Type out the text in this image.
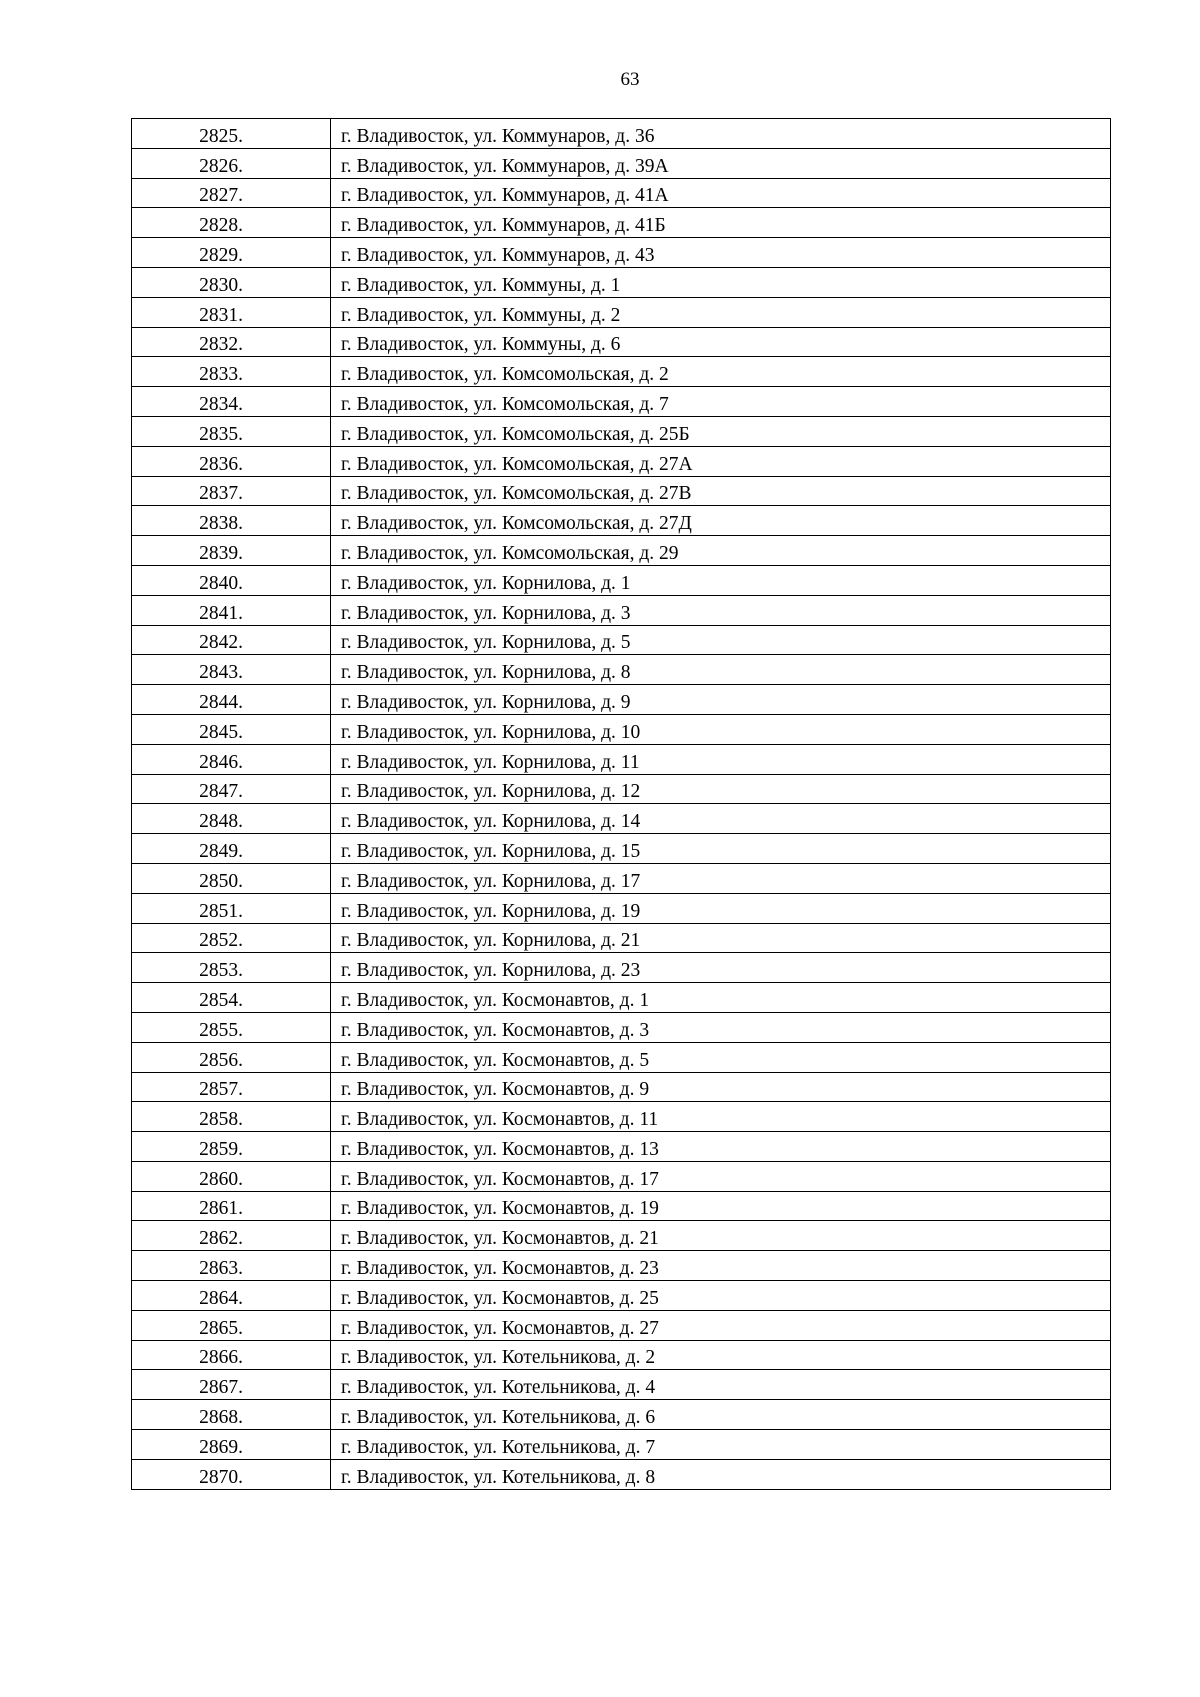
63
2825.	г. Владивосток, ул. Коммунаров, д. 36

2826.	г. Владивосток, ул. Коммунаров, д. 39А

2827.	г. Владивосток, ул. Коммунаров, д. 41А

2828.	г. Владивосток, ул. Коммунаров, д. 41Б

2829.	г. Владивосток, ул. Коммунаров, д. 43

2830.	г. Владивосток, ул. Коммуны, д. 1

2831.	г. Владивосток, ул. Коммуны, д. 2

2832.	г. Владивосток, ул. Коммуны, д. 6

2833.	г. Владивосток, ул. Комсомольская, д. 2

2834.	г. Владивосток, ул. Комсомольская, д. 7

2835.	г. Владивосток, ул. Комсомольская, д. 25Б

2836.	г. Владивосток, ул. Комсомольская, д. 27А

2837.	г. Владивосток, ул. Комсомольская, д. 27В

2838.	г. Владивосток, ул. Комсомольская, д. 27Д

2839.	г. Владивосток, ул. Комсомольская, д. 29

2840.	г. Владивосток, ул. Корнилова, д. 1

2841.	г. Владивосток, ул. Корнилова, д. 3

2842.	г. Владивосток, ул. Корнилова, д. 5

2843.	г. Владивосток, ул. Корнилова, д. 8

2844.	г. Владивосток, ул. Корнилова, д. 9

2845.	г. Владивосток, ул. Корнилова, д. 10

2846.	г. Владивосток, ул. Корнилова, д. 11

2847.	г. Владивосток, ул. Корнилова, д. 12

2848.	г. Владивосток, ул. Корнилова, д. 14

2849.	г. Владивосток, ул. Корнилова, д. 15

2850.	г. Владивосток, ул. Корнилова, д. 17

2851.	г. Владивосток, ул. Корнилова, д. 19

2852.	г. Владивосток, ул. Корнилова, д. 21

2853.	г. Владивосток, ул. Корнилова, д. 23

2854.	г. Владивосток, ул. Космонавтов, д. 1

2855.	г. Владивосток, ул. Космонавтов, д. 3

2856.	г. Владивосток, ул. Космонавтов, д. 5

2857.	г. Владивосток, ул. Космонавтов, д. 9

2858.	г. Владивосток, ул. Космонавтов, д. 11

2859.	г. Владивосток, ул. Космонавтов, д. 13

2860.	г. Владивосток, ул. Космонавтов, д. 17

2861.	г. Владивосток, ул. Космонавтов, д. 19

2862.	г. Владивосток, ул. Космонавтов, д. 21

2863.	г. Владивосток, ул. Космонавтов, д. 23

2864.	г. Владивосток, ул. Космонавтов, д. 25

2865.	г. Владивосток, ул. Космонавтов, д. 27

2866.	г. Владивосток, ул. Котельникова, д. 2

2867.	г. Владивосток, ул. Котельникова, д. 4

2868.	г. Владивосток, ул. Котельникова, д. 6

2869.	г. Владивосток, ул. Котельникова, д. 7

2870.	г. Владивосток, ул. Котельникова, д. 8
